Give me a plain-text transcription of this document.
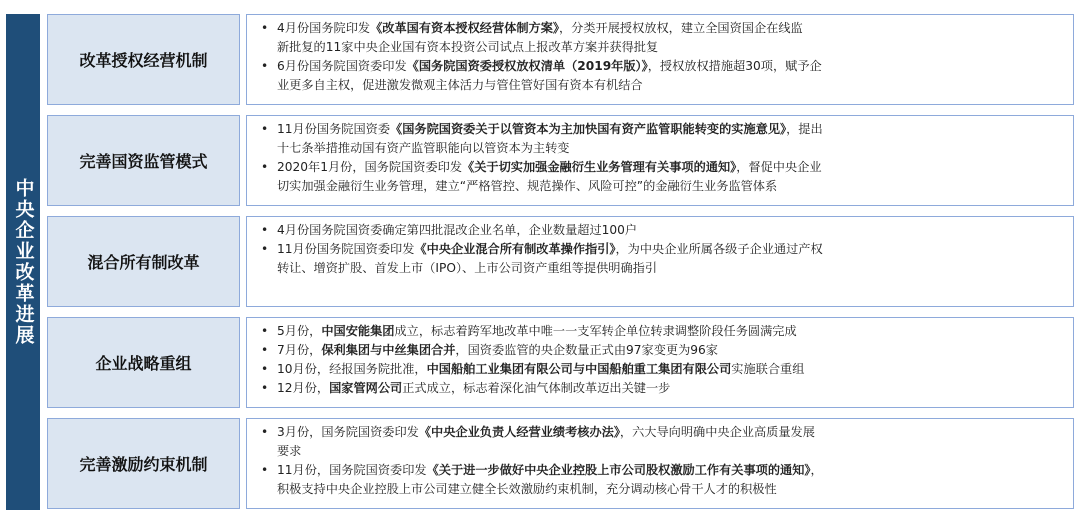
中央企业改革进展
改革授权经营机制
• 4月份国务院印发《改革国有资本授权经营体制方案》，分类开展授权放权，建立全国资国企在线监
新批复的11家中央企业国有资本投资公司试点上报改革方案并获得批复
• 6月份国务院国资委印发《国务院国资委授权放权清单（2019年版）》，授权放权措施超30项，赋予企
业更多自主权，促进激发微观主体活力与管住管好国有资本有机结合
完善国资监管模式
• 11月份国务院国资委《国务院国资委关于以管资本为主加快国有资产监管职能转变的实施意见》，提出
十七条举措推动国有资产监管职能向以管资本为主转变
• 2020年1月份，国务院国资委印发《关于切实加强金融衍生业务管理有关事项的通知》，督促中央企业
切实加强金融衍生业务管理，建立“严格管控、规范操作、风险可控”的金融衍生业务监管体系
混合所有制改革
• 4月份国务院国资委确定第四批混改企业名单，企业数量超过100户
• 11月份国务院国资委印发《中央企业混合所有制改革操作指引》，为中央企业所属各级子企业通过产权
转让、增资扩股、首发上市（IPO）、上市公司资产重组等提供明确指引
企业战略重组
• 5月份，中国安能集团成立，标志着跨军地改革中唯一一支军转企单位转隶调整阶段任务圆满完成
• 7月份，保利集团与中丝集团合并，国资委监管的央企数量正式由97家变更为96家
• 10月份，经报国务院批准，中国船舶工业集团有限公司与中国船舶重工集团有限公司实施联合重组
• 12月份，国家管网公司正式成立，标志着深化油气体制改革迈出关键一步
完善激励约束机制
• 3月份，国务院国资委印发《中央企业负责人经营业绩考核办法》，六大导向明确中央企业高质量发展
要求
• 11月份，国务院国资委印发《关于进一步做好中央企业控股上市公司股权激励工作有关事项的通知》，
积极支持中央企业控股上市公司建立健全长效激励约束机制，充分调动核心骨干人才的积极性
